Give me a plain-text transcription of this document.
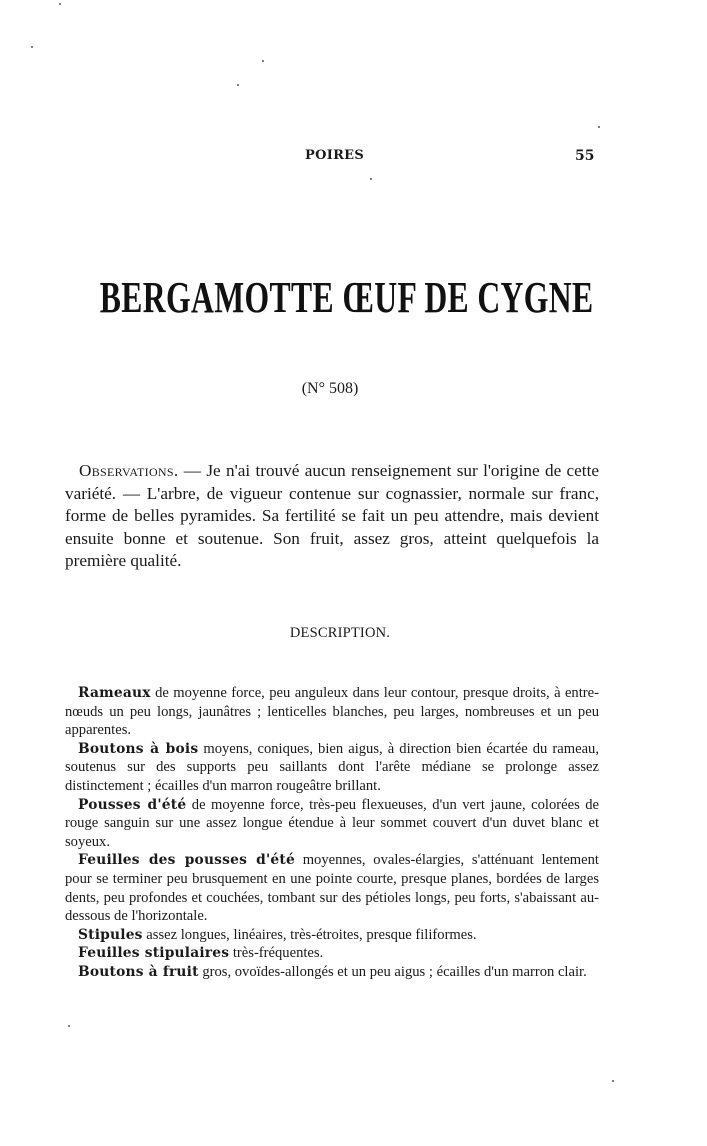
POIRES	55
BERGAMOTTE ŒUF DE CYGNE
(N° 508)

Observations. — Je n'ai trouvé aucun renseignement sur l'origine de cette variété. — L'arbre, de vigueur contenue sur cognassier, normale sur franc, forme de belles pyramides. Sa fertilité se fait un peu attendre, mais devient ensuite bonne et soutenue. Son fruit, assez gros, atteint quelquefois la première qualité.

DESCRIPTION.

Rameaux de moyenne force, peu anguleux dans leur contour, presque droits, à entre-nœuds un peu longs, jaunâtres ; lenticelles blanches, peu larges, nombreuses et un peu apparentes.

Boutons à bois moyens, coniques, bien aigus, à direction bien écartée du rameau, soutenus sur des supports peu saillants dont l'arête médiane se prolonge assez distinctement ; écailles d'un marron rougeâtre brillant.

Pousses d'été de moyenne force, très-peu flexueuses, d'un vert jaune, colorées de rouge sanguin sur une assez longue étendue à leur sommet couvert d'un duvet blanc et soyeux.

Feuilles des pousses d'été moyennes, ovales-élargies, s'atténuant lentement pour se terminer peu brusquement en une pointe courte, presque planes, bordées de larges dents, peu profondes et couchées, tombant sur des pétioles longs, peu forts, s'abaissant au-dessous de l'horizontale.

Stipules assez longues, linéaires, très-étroites, presque filiformes.

Feuilles stipulaires très-fréquentes.

Boutons à fruit gros, ovoïdes-allongés et un peu aigus ; écailles d'un marron clair.
